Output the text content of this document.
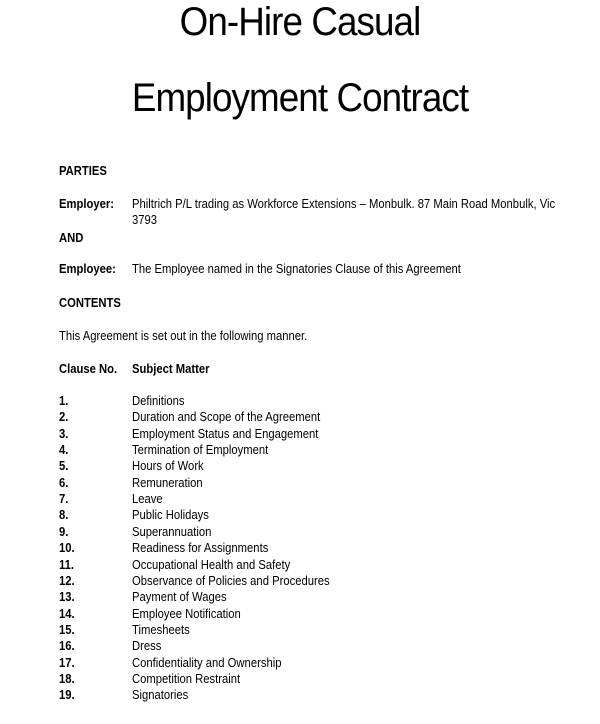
On-Hire Casual
Employment Contract
PARTIES
Employer: Philtrich P/L trading as Workforce Extensions – Monbulk. 87 Main Road Monbulk, Vic
3793
AND
Employee: The Employee named in the Signatories Clause of this Agreement
CONTENTS
This Agreement is set out in the following manner.
Clause No. Subject Matter
1.	Definitions
2.	Duration and Scope of the Agreement
3.	Employment Status and Engagement
4.	Termination of Employment
5.	Hours of Work
6.	Remuneration
7.	Leave
8.	Public Holidays
9.	Superannuation
10.	Readiness for Assignments
11.	Occupational Health and Safety
12.	Observance of Policies and Procedures
13.	Payment of Wages
14.	Employee Notification
15.	Timesheets
16.	Dress
17.	Confidentiality and Ownership
18.	Competition Restraint
19.	Signatories
